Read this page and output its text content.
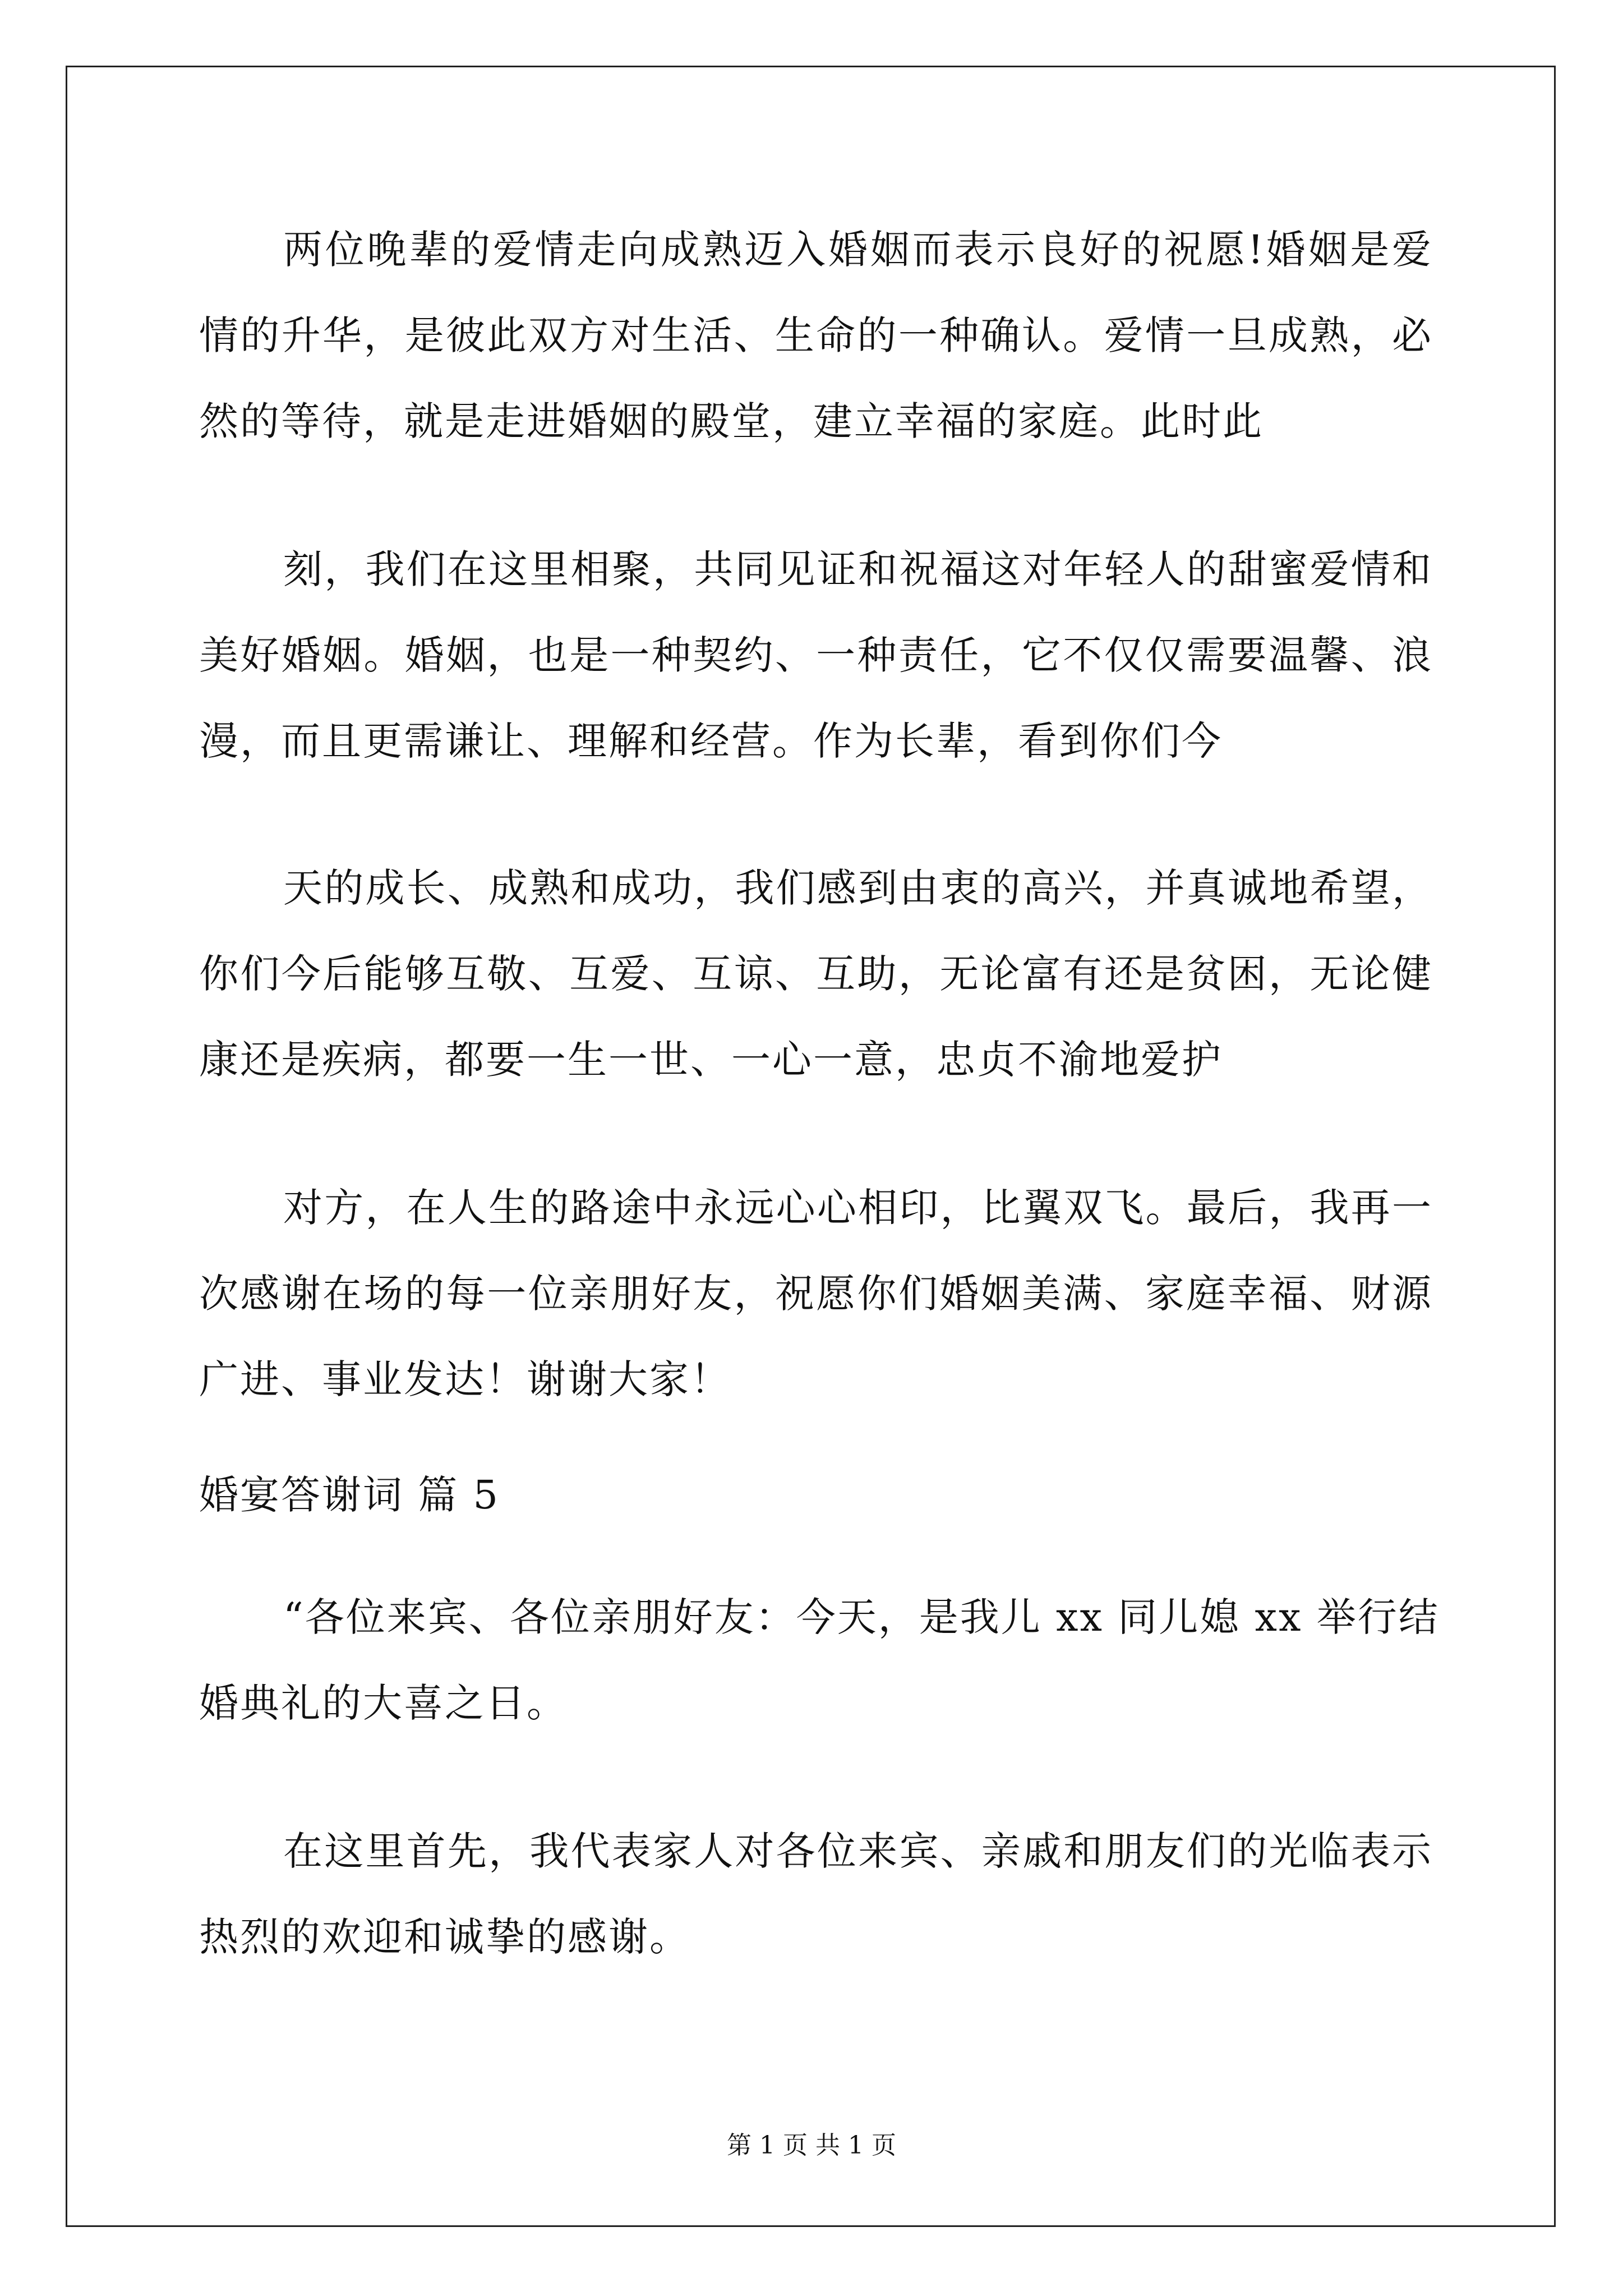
两位晚辈的爱情走向成熟迈入婚姻而表示良好的祝愿!婚姻是爱
情的升华，是彼此双方对生活、生命的一种确认。爱情一旦成熟，必
然的等待，就是走进婚姻的殿堂，建立幸福的家庭。此时此
刻，我们在这里相聚，共同见证和祝福这对年轻人的甜蜜爱情和
美好婚姻。婚姻，也是一种契约、一种责任，它不仅仅需要温馨、浪
漫，而且更需谦让、理解和经营。作为长辈，看到你们今
天的成长、成熟和成功，我们感到由衷的高兴，并真诚地希望，
你们今后能够互敬、互爱、互谅、互助，无论富有还是贫困，无论健
康还是疾病，都要一生一世、一心一意，忠贞不渝地爱护
对方，在人生的路途中永远心心相印，比翼双飞。最后，我再一
次感谢在场的每一位亲朋好友，祝愿你们婚姻美满、家庭幸福、财源
广进、事业发达！谢谢大家！
婚宴答谢词 篇 5
“各位来宾、各位亲朋好友：今天，是我儿 xx 同儿媳 xx 举行结
婚典礼的大喜之日。
在这里首先，我代表家人对各位来宾、亲戚和朋友们的光临表示
热烈的欢迎和诚挚的感谢。
第 1 页 共 1 页
